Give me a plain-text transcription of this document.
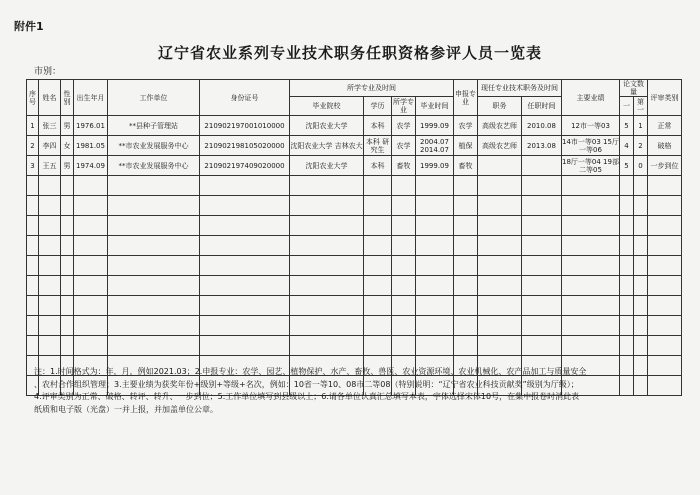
附件1
辽宁省农业系列专业技术职务任职资格参评人员一览表
市别：
序号	姓名	性别	出生年月	工作单位	身份证号	所学专业及时间				申报专业	现任专业技术职务及时间		主要业绩	论文数量		评审类别
						毕业院校	学历	所学专业	毕业时间		职务	任职时间		一	第一	
1	张三	男	1976.01	**县种子管理站	210902197001010000	沈阳农业大学	本科	农学	1999.09	农学	高级农艺师	2010.08	12市一等03	5	1	正常
2	李四	女	1981.05	**市农业发展服务中心	210902198105020000	沈阳农业大学 吉林农大	本科 研究生	农学	2004.07 2014.07	植保	高级农艺师	2013.08	14市一等03 15厅一等06	4	2	破格
3	王五	男	1974.09	**市农业发展服务中心	210902197409020000	沈阳农业大学	本科	畜牧	1999.09	畜牧			18厅一等04 19部二等05	5	0	一步到位

注：1.时间格式为：年，月，例如2021.03；2.申报专业：农学、园艺、植物保护、水产、畜牧、兽医、农业资源环境、农业机械化、农产品加工与质量安全

、农村合作组织管理；3.主要业绩为获奖年份+级别+等级+名次，例如：10省一等10、08市二等08（特别说明：“辽宁省农业科技贡献奖”级别为厅级）；

4.评审类别为正常、破格、转评、转升、一步到位；5.工作单位填写到县级以上；6.请各单位认真汇总填写本表，字体选择宋体10号，在集中报卷时消此表

纸质和电子版（光盘）一并上报，并加盖单位公章。
